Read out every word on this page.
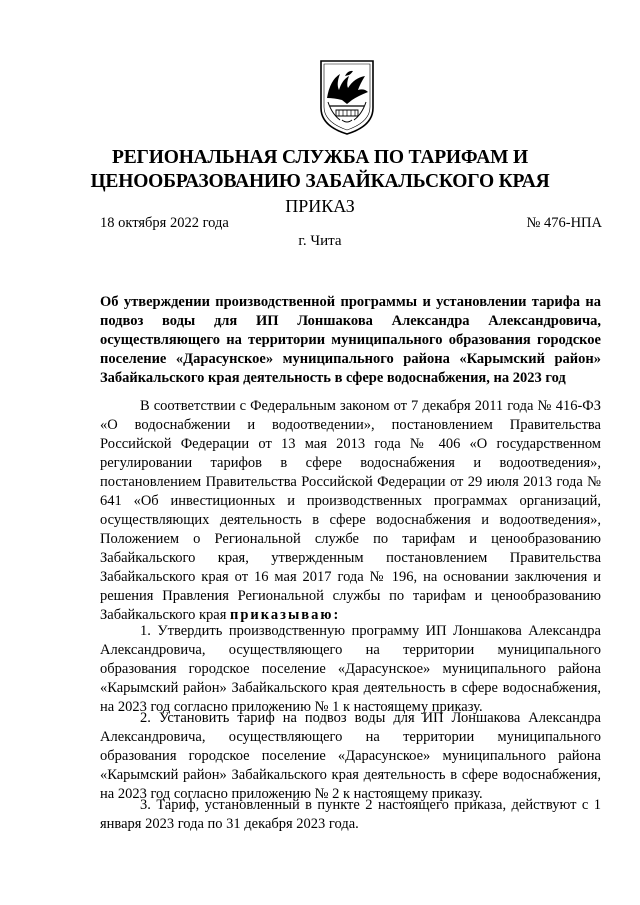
РЕГИОНАЛЬНАЯ СЛУЖБА ПО ТАРИФАМ И
ЦЕНООБРАЗОВАНИЮ ЗАБАЙКАЛЬСКОГО КРАЯ
ПРИКАЗ
18 октября 2022 года	№ 476-НПА
г. Чита
Об утверждении производственной программы и установлении тарифа на подвоз воды для ИП Лоншакова Александра Александровича, осуществляющего на территории муниципального образования городское поселение «Дарасунское» муниципального района «Карымский район» Забайкальского края деятельность в сфере водоснабжения, на 2023 год

В соответствии с Федеральным законом от 7 декабря 2011 года № 416-ФЗ «О водоснабжении и водоотведении», постановлением Правительства Российской Федерации от 13 мая 2013 года № 406 «О государственном регулировании тарифов в сфере водоснабжения и водоотведения», постановлением Правительства Российской Федерации от 29 июля 2013 года № 641 «Об инвестиционных и производственных программах организаций, осуществляющих деятельность в сфере водоснабжения и водоотведения», Положением о Региональной службе по тарифам и ценообразованию Забайкальского края, утвержденным постановлением Правительства Забайкальского края от 16 мая 2017 года № 196, на основании заключения и решения Правления Региональной службы по тарифам и ценообразованию Забайкальского края приказываю:

1. Утвердить производственную программу ИП Лоншакова Александра Александровича, осуществляющего на территории муниципального образования городское поселение «Дарасунское» муниципального района «Карымский район» Забайкальского края деятельность в сфере водоснабжения, на 2023 год согласно приложению № 1 к настоящему приказу.

2. Установить тариф на подвоз воды для ИП Лоншакова Александра Александровича, осуществляющего на территории муниципального образования городское поселение «Дарасунское» муниципального района «Карымский район» Забайкальского края деятельность в сфере водоснабжения, на 2023 год согласно приложению № 2 к настоящему приказу.

3. Тариф, установленный в пункте 2 настоящего приказа, действуют с 1 января 2023 года по 31 декабря 2023 года.
